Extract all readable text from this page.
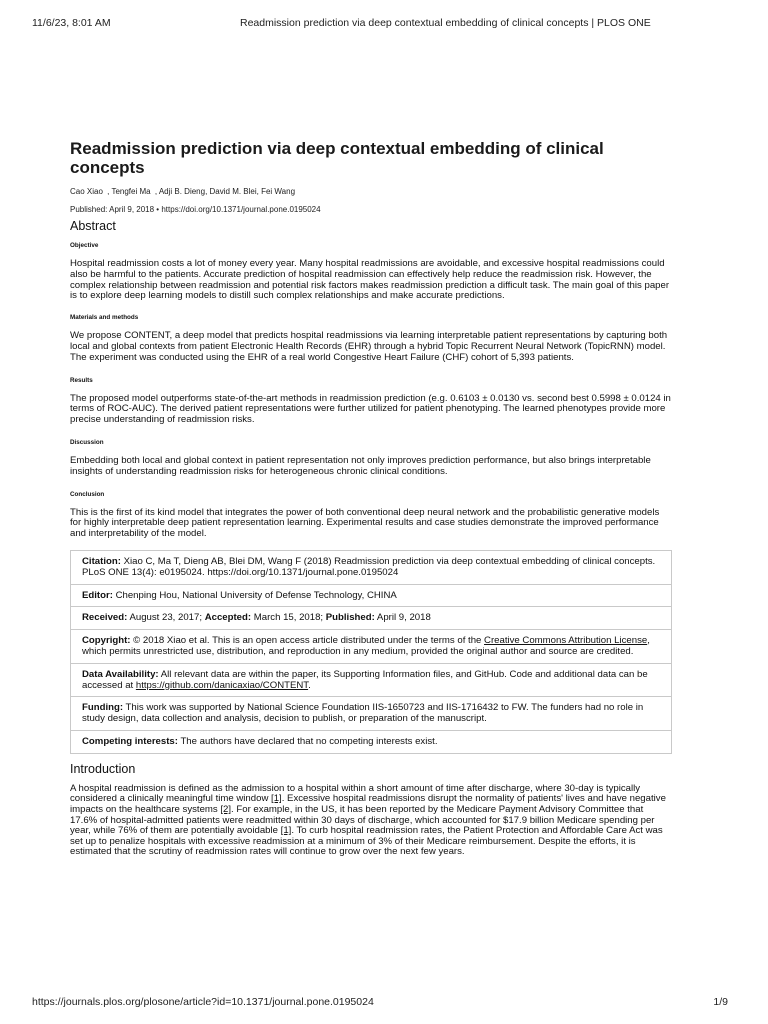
11/6/23, 8:01 AM	Readmission prediction via deep contextual embedding of clinical concepts | PLOS ONE
Readmission prediction via deep contextual embedding of clinical concepts
Cao Xiao , Tengfei Ma , Adji B. Dieng, David M. Blei, Fei Wang
Published: April 9, 2018 • https://doi.org/10.1371/journal.pone.0195024
Abstract
Objective

Hospital readmission costs a lot of money every year. Many hospital readmissions are avoidable, and excessive hospital readmissions could also be harmful to the patients. Accurate prediction of hospital readmission can effectively help reduce the readmission risk. However, the complex relationship between readmission and potential risk factors makes readmission prediction a difficult task. The main goal of this paper is to explore deep learning models to distill such complex relationships and make accurate predictions.

Materials and methods

We propose CONTENT, a deep model that predicts hospital readmissions via learning interpretable patient representations by capturing both local and global contexts from patient Electronic Health Records (EHR) through a hybrid Topic Recurrent Neural Network (TopicRNN) model. The experiment was conducted using the EHR of a real world Congestive Heart Failure (CHF) cohort of 5,393 patients.

Results

The proposed model outperforms state-of-the-art methods in readmission prediction (e.g. 0.6103 ± 0.0130 vs. second best 0.5998 ± 0.0124 in terms of ROC-AUC). The derived patient representations were further utilized for patient phenotyping. The learned phenotypes provide more precise understanding of readmission risks.

Discussion

Embedding both local and global context in patient representation not only improves prediction performance, but also brings interpretable insights of understanding readmission risks for heterogeneous chronic clinical conditions.

Conclusion

This is the first of its kind model that integrates the power of both conventional deep neural network and the probabilistic generative models for highly interpretable deep patient representation learning. Experimental results and case studies demonstrate the improved performance and interpretability of the model.

Citation: Xiao C, Ma T, Dieng AB, Blei DM, Wang F (2018) Readmission prediction via deep contextual embedding of clinical concepts. PLoS ONE 13(4): e0195024. https://doi.org/10.1371/journal.pone.0195024
Editor: Chenping Hou, National University of Defense Technology, CHINA
Received: August 23, 2017; Accepted: March 15, 2018; Published: April 9, 2018
Copyright: © 2018 Xiao et al. This is an open access article distributed under the terms of the Creative Commons Attribution License, which permits unrestricted use, distribution, and reproduction in any medium, provided the original author and source are credited.
Data Availability: All relevant data are within the paper, its Supporting Information files, and GitHub. Code and additional data can be accessed at https://github.com/danicaxiao/CONTENT.
Funding: This work was supported by National Science Foundation IIS-1650723 and IIS-1716432 to FW. The funders had no role in study design, data collection and analysis, decision to publish, or preparation of the manuscript.
Competing interests: The authors have declared that no competing interests exist.
Introduction

A hospital readmission is defined as the admission to a hospital within a short amount of time after discharge, where 30-day is typically considered a clinically meaningful time window [1]. Excessive hospital readmissions disrupt the normality of patients' lives and have negative impacts on the healthcare systems [2]. For example, in the US, it has been reported by the Medicare Payment Advisory Committee that 17.6% of hospital-admitted patients were readmitted within 30 days of discharge, which accounted for $17.9 billion Medicare spending per year, while 76% of them are potentially avoidable [1]. To curb hospital readmission rates, the Patient Protection and Affordable Care Act was set up to penalize hospitals with excessive readmission at a minimum of 3% of their Medicare reimbursement. Despite the efforts, it is estimated that the scrutiny of readmission rates will continue to grow over the next few years.

https://journals.plos.org/plosone/article?id=10.1371/journal.pone.0195024	1/9
